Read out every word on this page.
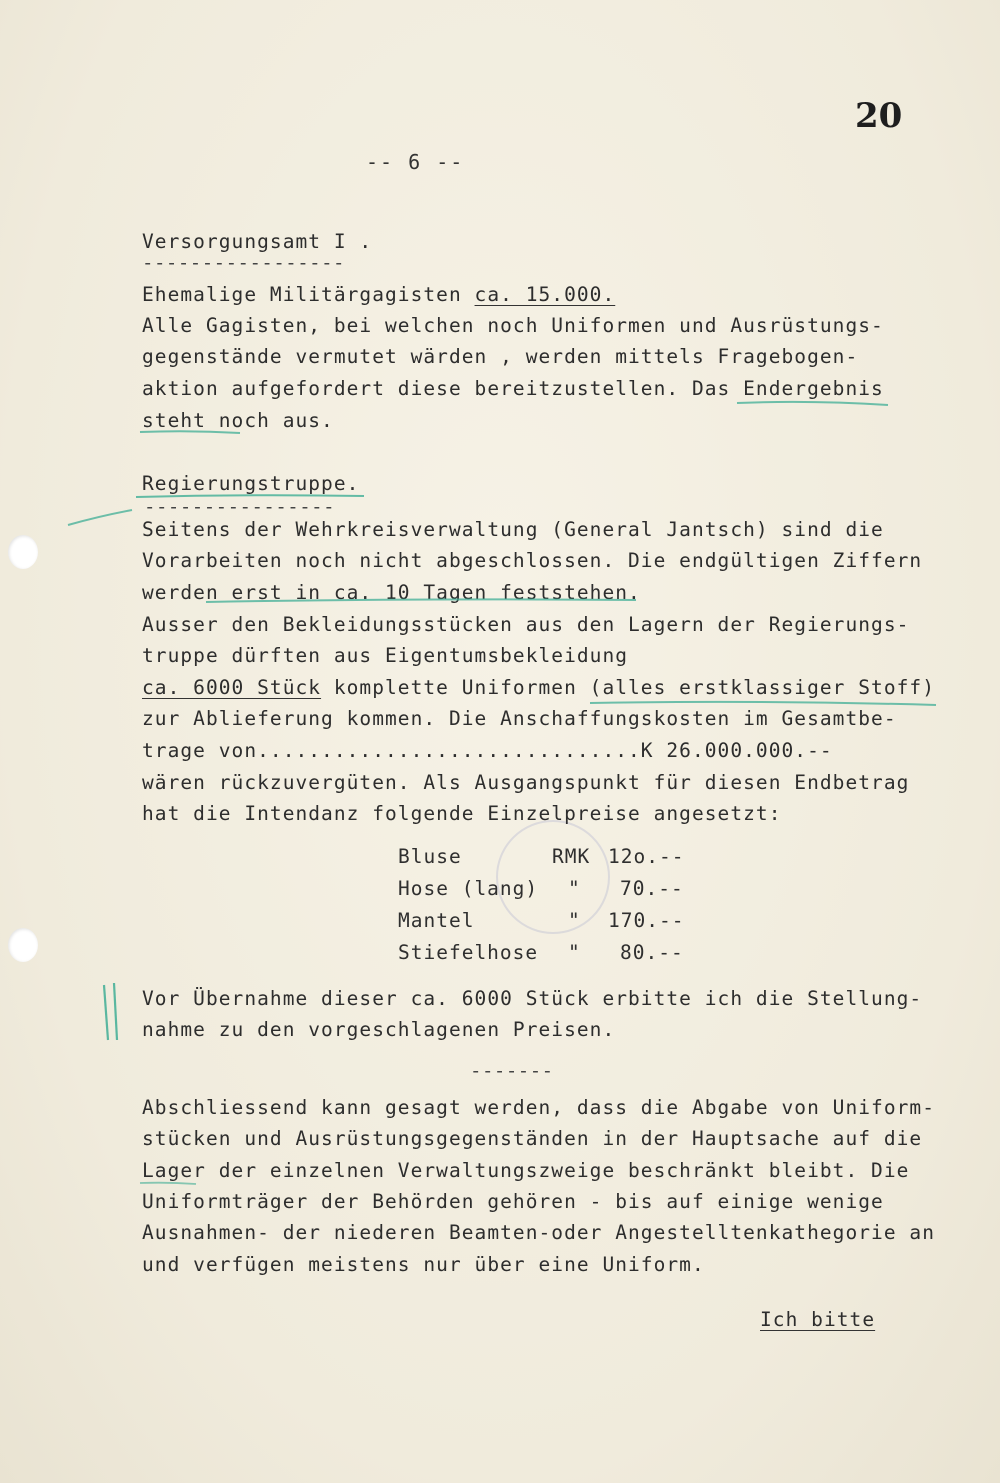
20
-- 6 --
Versorgungsamt I .
-----------------
Ehemalige Militärgagisten ca. 15.000.
Alle Gagisten, bei welchen noch Uniformen und Ausrüstungs-
gegenstände vermutet wärden , werden mittels Fragebogen-
aktion aufgefordert diese bereitzustellen. Das Endergebnis
steht noch aus.
Regierungstruppe.
----------------
Seitens der Wehrkreisverwaltung (General Jantsch) sind die
Vorarbeiten noch nicht abgeschlossen. Die endgültigen Ziffern
werden erst in ca. 10 Tagen feststehen.
Ausser den Bekleidungsstücken aus den Lagern der Regierungs-
truppe dürften aus Eigentumsbekleidung
ca. 6000 Stück komplette Uniformen (alles erstklassiger Stoff)
zur Ablieferung kommen. Die Anschaffungskosten im Gesamtbe-
trage von..............................K 26.000.000.--
wären rückzuvergüten. Als Ausgangspunkt für diesen Endbetrag
hat die Intendanz folgende Einzelpreise angesetzt:

Bluse

	RMK

12o.--

Hose (lang)

"

70.--

Mantel

	"

170.--

Stiefelhose

"

80.--

Vor Übernahme dieser ca. 6000 Stück erbitte ich die Stellung-
nahme zu den vorgeschlagenen Preisen.
-------
Abschliessend kann gesagt werden, dass die Abgabe von Uniform-
stücken und Ausrüstungsgegenständen in der Hauptsache auf die
Lager der einzelnen Verwaltungszweige beschränkt bleibt. Die
Uniformträger der Behörden gehören - bis auf einige wenige
Ausnahmen- der niederen Beamten-oder Angestelltenkathegorie an
und verfügen meistens nur über eine Uniform.
Ich bitte
